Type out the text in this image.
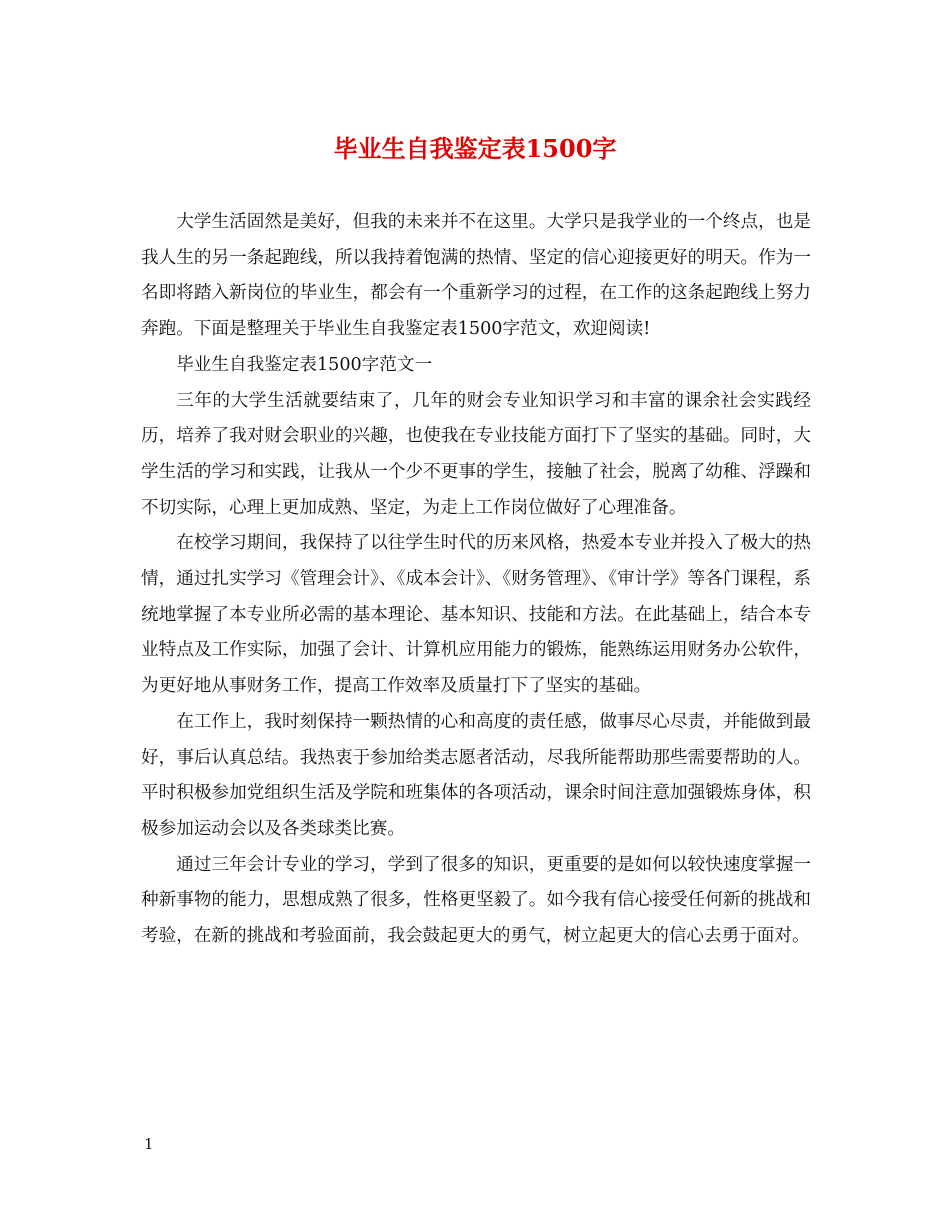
毕业生自我鉴定表1500字

大学生活固然是美好，但我的未来并不在这里。大学只是我学业的一个终点，也是我人生的另一条起跑线，所以我持着饱满的热情、坚定的信心迎接更好的明天。作为一名即将踏入新岗位的毕业生，都会有一个重新学习的过程，在工作的这条起跑线上努力奔跑。下面是整理关于毕业生自我鉴定表1500字范文，欢迎阅读!

毕业生自我鉴定表1500字范文一

三年的大学生活就要结束了，几年的财会专业知识学习和丰富的课余社会实践经历，培养了我对财会职业的兴趣，也使我在专业技能方面打下了坚实的基础。同时，大学生活的学习和实践，让我从一个少不更事的学生，接触了社会，脱离了幼稚、浮躁和不切实际，心理上更加成熟、坚定，为走上工作岗位做好了心理准备。

在校学习期间，我保持了以往学生时代的历来风格，热爱本专业并投入了极大的热情，通过扎实学习《管理会计》、《成本会计》、《财务管理》、《审计学》等各门课程，系统地掌握了本专业所必需的基本理论、基本知识、技能和方法。在此基础上，结合本专业特点及工作实际，加强了会计、计算机应用能力的锻炼，能熟练运用财务办公软件，为更好地从事财务工作，提高工作效率及质量打下了坚实的基础。

在工作上，我时刻保持一颗热情的心和高度的责任感，做事尽心尽责，并能做到最好，事后认真总结。我热衷于参加给类志愿者活动，尽我所能帮助那些需要帮助的人。平时积极参加党组织生活及学院和班集体的各项活动，课余时间注意加强锻炼身体，积极参加运动会以及各类球类比赛。

通过三年会计专业的学习，学到了很多的知识，更重要的是如何以较快速度掌握一种新事物的能力，思想成熟了很多，性格更坚毅了。如今我有信心接受任何新的挑战和考验，在新的挑战和考验面前，我会鼓起更大的勇气，树立起更大的信心去勇于面对。

1
